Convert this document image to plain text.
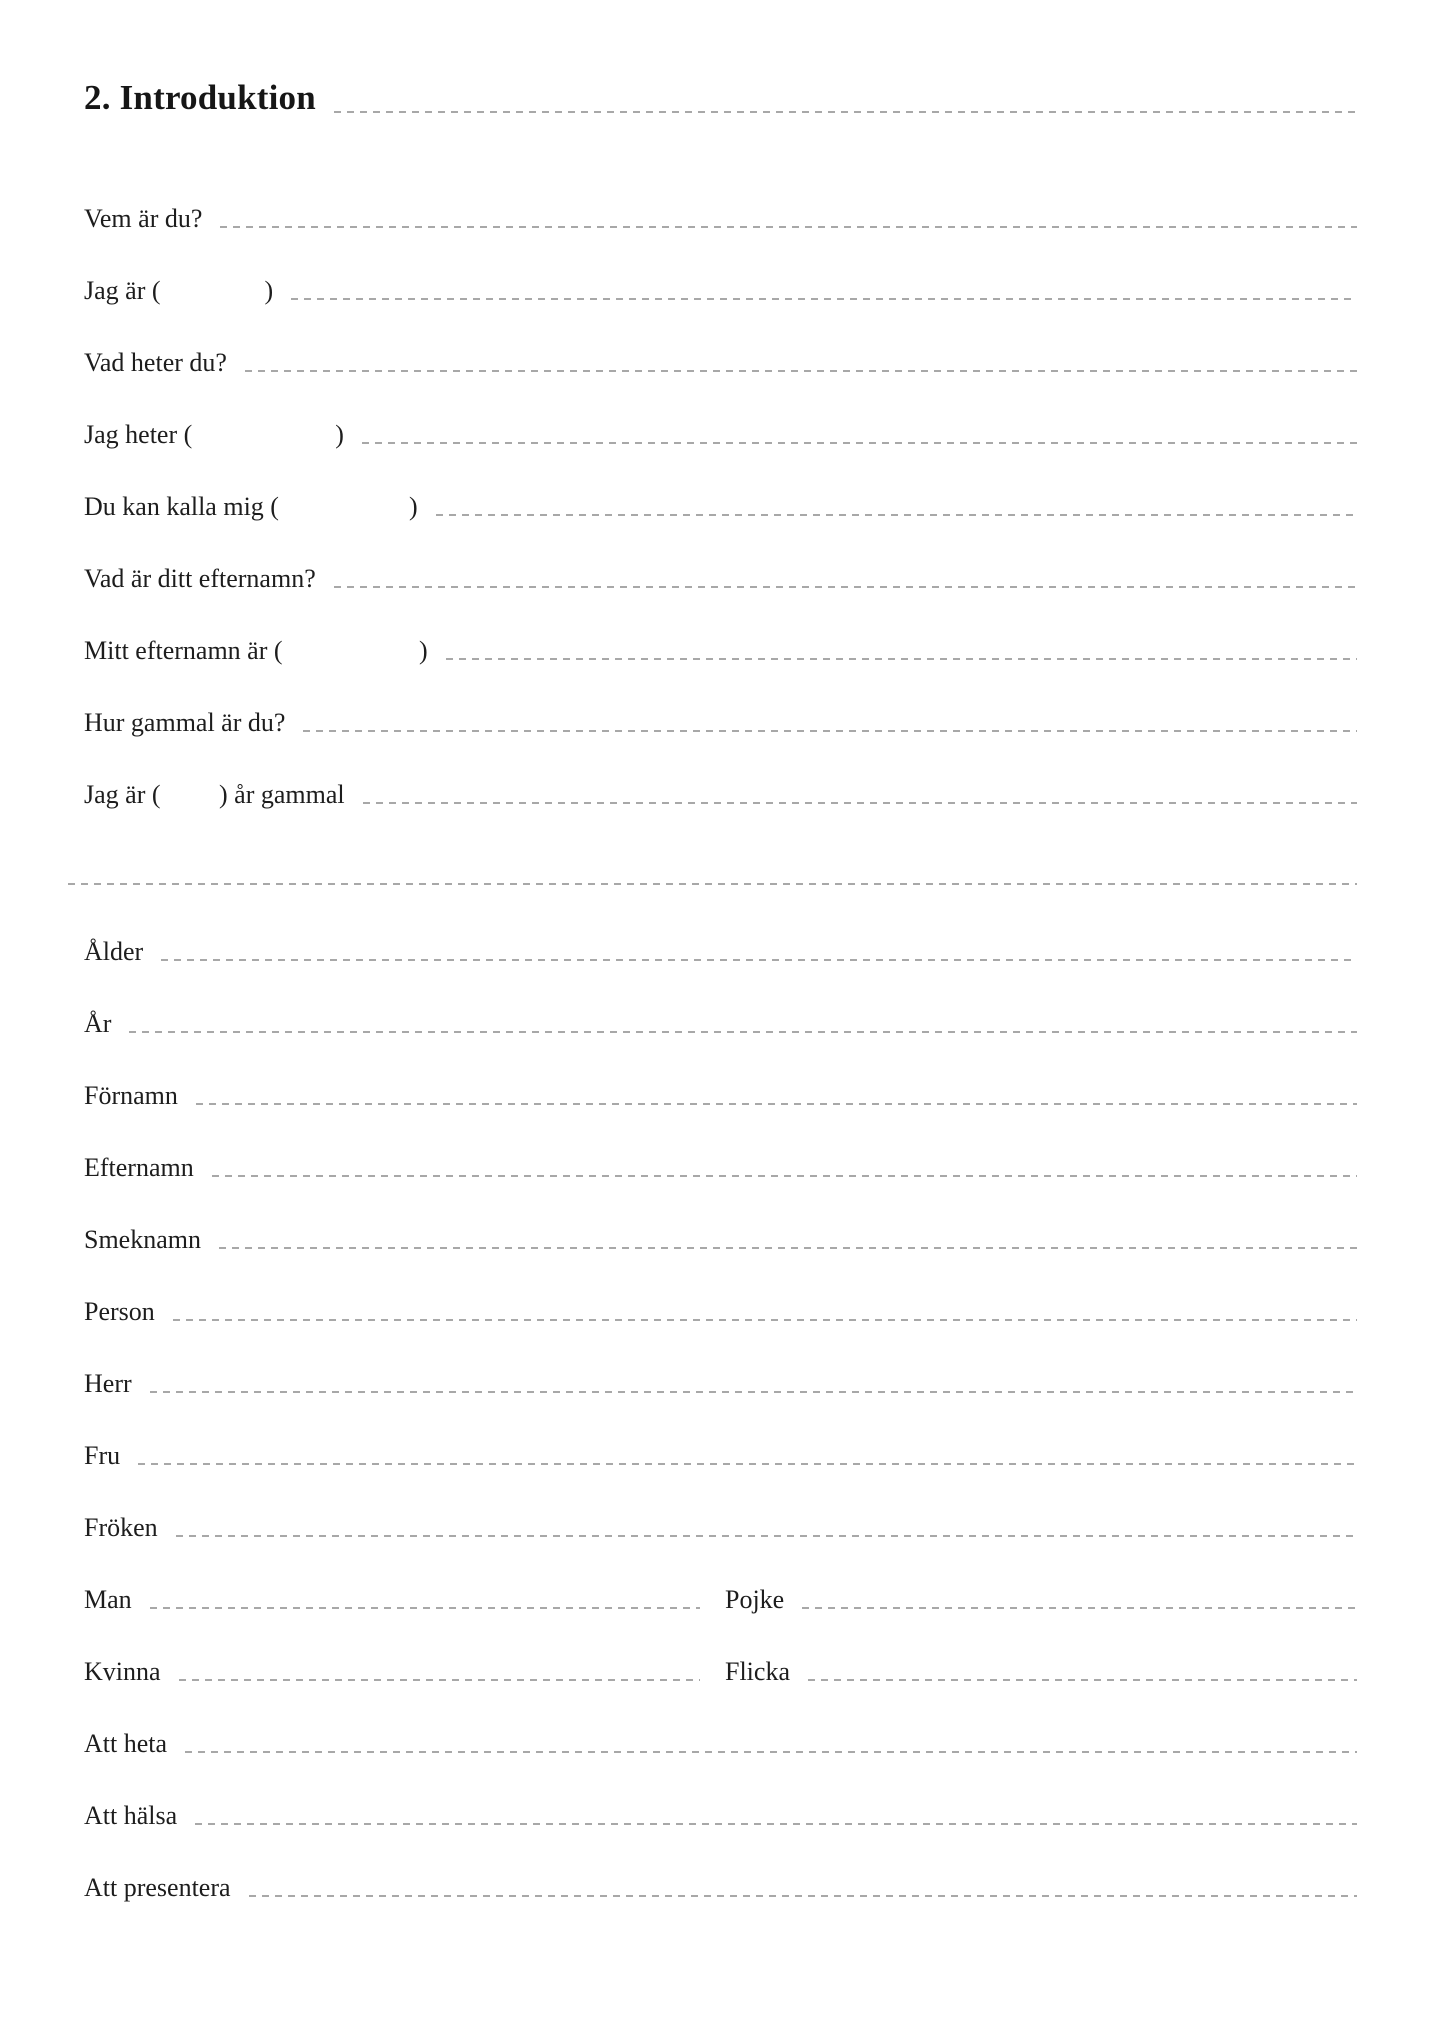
2. Introduktion
Vem är du?
Jag är (                )
Vad heter du?
Jag heter (                      )
Du kan kalla mig (                    )
Vad är ditt efternamn?
Mitt efternamn är (                     )
Hur gammal är du?
Jag är (         ) år gammal
Ålder
År
Förnamn
Efternamn
Smeknamn
Person
Herr
Fru
Fröken
Man	Pojke
Kvinna	Flicka
Att heta
Att hälsa
Att presentera
